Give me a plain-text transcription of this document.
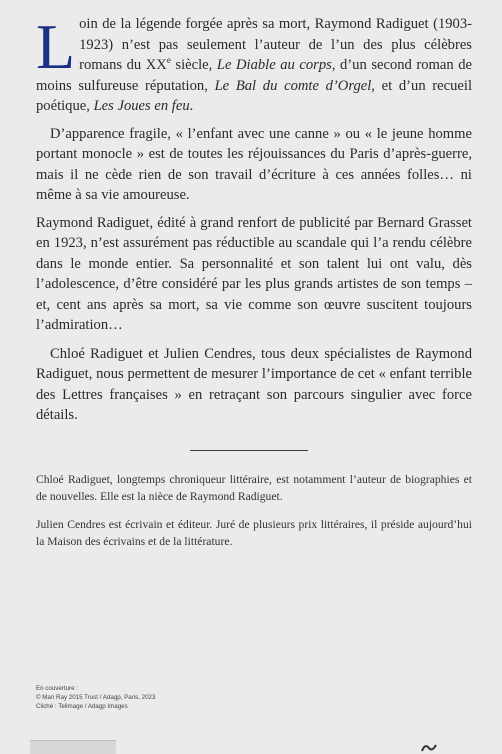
Loin de la légende forgée après sa mort, Raymond Radiguet (1903-1923) n’est pas seulement l’auteur de l’un des plus célèbres romans du XXe siècle, Le Diable au corps, d’un second roman de moins sulfureuse réputation, Le Bal du comte d’Orgel, et d’un recueil poétique, Les Joues en feu.

D’apparence fragile, « l’enfant avec une canne » ou « le jeune homme portant monocle » est de toutes les réjouissances du Paris d’après-guerre, mais il ne cède rien de son travail d’écriture à ces années folles… ni même à sa vie amoureuse.

Raymond Radiguet, édité à grand renfort de publicité par Bernard Grasset en 1923, n’est assurément pas réductible au scandale qui l’a rendu célèbre dans le monde entier. Sa personnalité et son talent lui ont valu, dès l’adolescence, d’être considéré par les plus grands artistes de son temps – et, cent ans après sa mort, sa vie comme son œuvre suscitent toujours l’admiration…

Chloé Radiguet et Julien Cendres, tous deux spécialistes de Raymond Radiguet, nous permettent de mesurer l’importance de cet « enfant terrible des Lettres françaises » en retraçant son parcours singulier avec force détails.

Chloé Radiguet, longtemps chroniqueur littéraire, est notamment l’auteur de biographies et de nouvelles. Elle est la nièce de Raymond Radiguet.

Julien Cendres est écrivain et éditeur. Juré de plusieurs prix littéraires, il préside aujourd’hui la Maison des écrivains et de la littérature.

En couverture :
© Man Ray 2015 Trust / Adagp, Paris, 2023
Cliché : Telimage / Adagp Images
